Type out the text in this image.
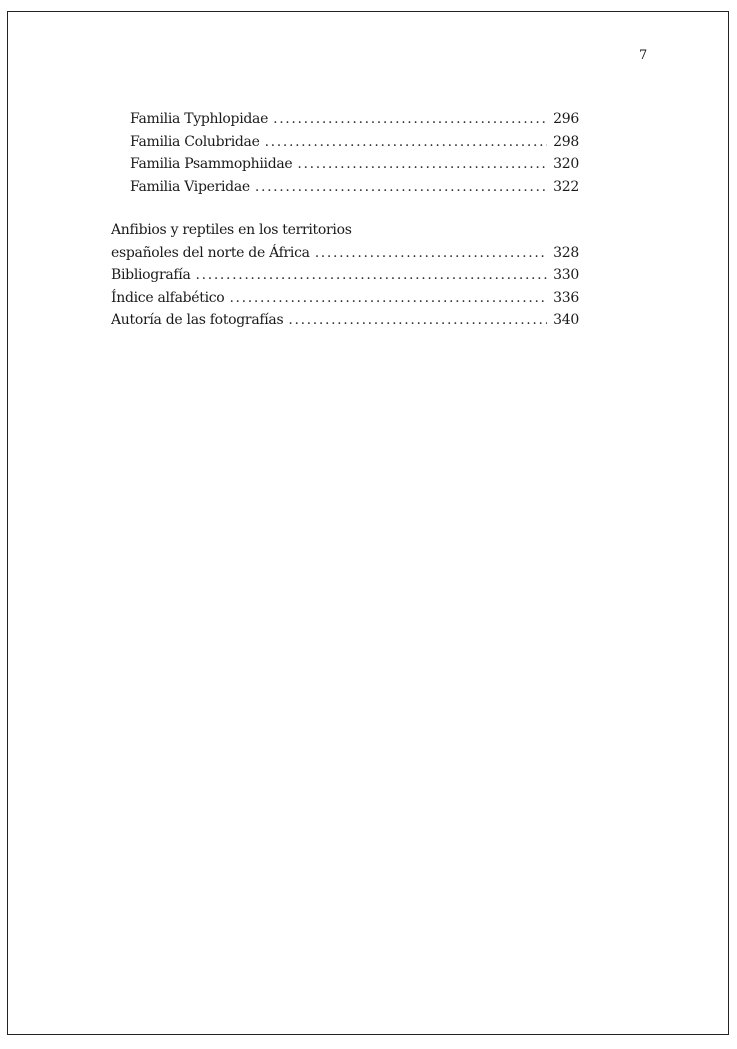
7
Familia Typhlopidae . . .	296
Familia Colubridae . . .	298
Familia Psammophiidae . . .	320
Familia Viperidae . . .	322
Anfibios y reptiles en los territorios
españoles del norte de África . . .	328
Bibliografía . . .	330
Índice alfabético . . .	336
Autoría de las fotografías . . .	340
